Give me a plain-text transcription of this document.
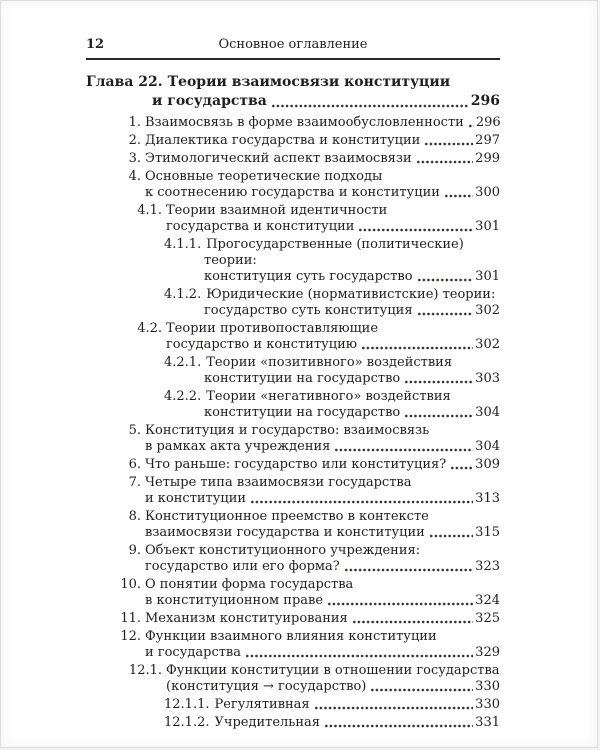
12	Основное оглавление
Глава 22. Теории взаимосвязи конституции
и государства	296
1. Взаимосвязь в форме взаимообусловленности 296
2. Диалектика государства и конституции	297
3. Этимологический аспект взаимосвязи	299
4. Основные теоретические подходы
к соотнесению государства и конституции	300
4.1. Теории взаимной идентичности
государства и конституции	301
4.1.1. Прогосударственные (политические) теории:
конституция суть государство	301
4.1.2. Юридические (нормативистские) теории:
государство суть конституция	302
4.2. Теории противопоставляющие
государство и конституцию	302
4.2.1. Теории «позитивного» воздействия
конституции на государство	303
4.2.2. Теории «негативного» воздействия
конституции на государство	304
5. Конституция и государство: взаимосвязь
в рамках акта учреждения	304
6. Что раньше: государство или конституция? 309
7. Четыре типа взаимосвязи государства
и конституции	313
8. Конституционное преемство в контексте
взаимосвязи государства и конституции	315
9. Объект конституционного учреждения:
государство или его форма?	323
10. О понятии форма государства
в конституционном праве	324
11. Механизм конституирования	325
12. Функции взаимного влияния конституции
и государства	329
12.1. Функции конституции в отношении государства
(конституция → государство)	330
12.1.1. Регулятивная	330
12.1.2. Учредительная	331
